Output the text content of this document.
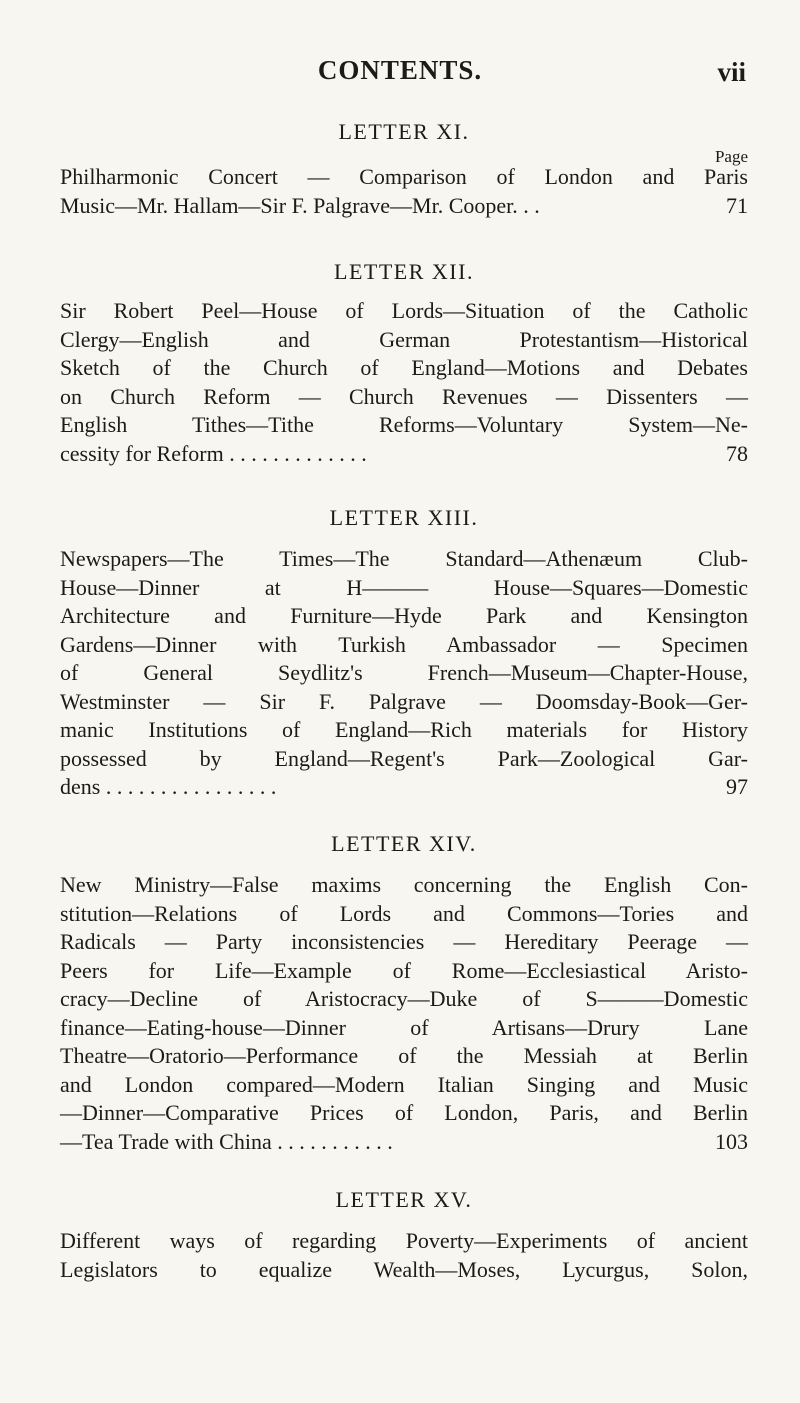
CONTENTS.	vii
LETTER XI.
Page
Philharmonic Concert — Comparison of London and Paris
Music—Mr. Hallam—Sir F. Palgrave—Mr. Cooper. . .	71
LETTER XII.
Sir Robert Peel—House of Lords—Situation of the Catholic
Clergy—English and German Protestantism—Historical
Sketch of the Church of England—Motions and Debates
on Church Reform — Church Revenues — Dissenters —
English Tithes—Tithe Reforms—Voluntary System—Ne-
cessity for Reform . . . . . . . . . . . . .	78
LETTER XIII.
Newspapers—The Times—The Standard—Athenæum Club-
House—Dinner at H——— House—Squares—Domestic
Architecture and Furniture—Hyde Park and Kensington
Gardens—Dinner with Turkish Ambassador — Specimen
of General Seydlitz's French—Museum—Chapter-House,
Westminster — Sir F. Palgrave — Doomsday-Book—Ger-
manic Institutions of England—Rich materials for History
possessed by England—Regent's Park—Zoological Gar-
dens . . . . . . . . . . . . . . . .	97
LETTER XIV.
New Ministry—False maxims concerning the English Con-
stitution—Relations of Lords and Commons—Tories and
Radicals — Party inconsistencies — Hereditary Peerage —
Peers for Life—Example of Rome—Ecclesiastical Aristo-
cracy—Decline of Aristocracy—Duke of S———Domestic
finance—Eating-house—Dinner of Artisans—Drury Lane
Theatre—Oratorio—Performance of the Messiah at Berlin
and London compared—Modern Italian Singing and Music
—Dinner—Comparative Prices of London, Paris, and Berlin
—Tea Trade with China . . . . . . . . . . .	103
LETTER XV.
Different ways of regarding Poverty—Experiments of ancient
Legislators to equalize Wealth—Moses, Lycurgus, Solon,
